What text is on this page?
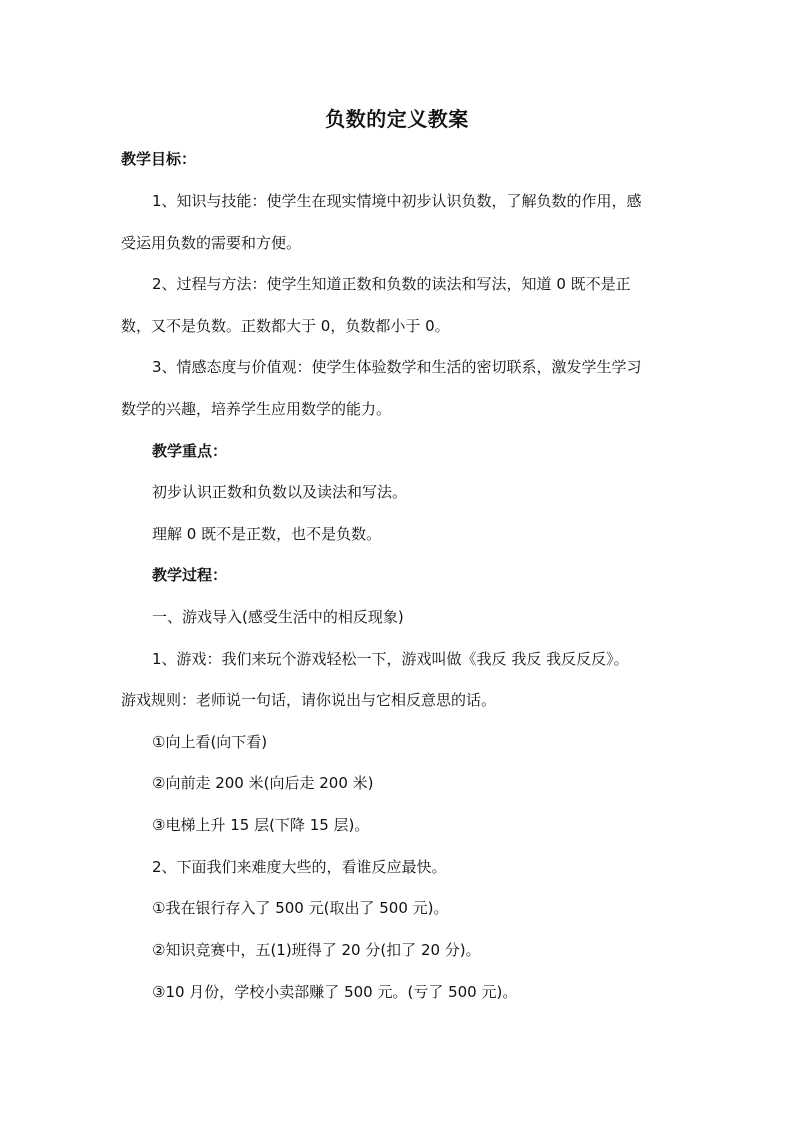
负数的定义教案
教学目标：
1、知识与技能：使学生在现实情境中初步认识负数，了解负数的作用，感
受运用负数的需要和方便。
2、过程与方法：使学生知道正数和负数的读法和写法，知道 0 既不是正
数，又不是负数。正数都大于 0，负数都小于 0。
3、情感态度与价值观：使学生体验数学和生活的密切联系，激发学生学习
数学的兴趣，培养学生应用数学的能力。
教学重点：
初步认识正数和负数以及读法和写法。
理解 0 既不是正数，也不是负数。
教学过程：
一、游戏导入(感受生活中的相反现象)
1、游戏：我们来玩个游戏轻松一下，游戏叫做《我反 我反 我反反反》。
游戏规则：老师说一句话，请你说出与它相反意思的话。
①向上看(向下看)
②向前走 200 米(向后走 200 米)
③电梯上升 15 层(下降 15 层)。
2、下面我们来难度大些的，看谁反应最快。
①我在银行存入了 500 元(取出了 500 元)。
②知识竞赛中，五(1)班得了 20 分(扣了 20 分)。
③10 月份，学校小卖部赚了 500 元。(亏了 500 元)。
